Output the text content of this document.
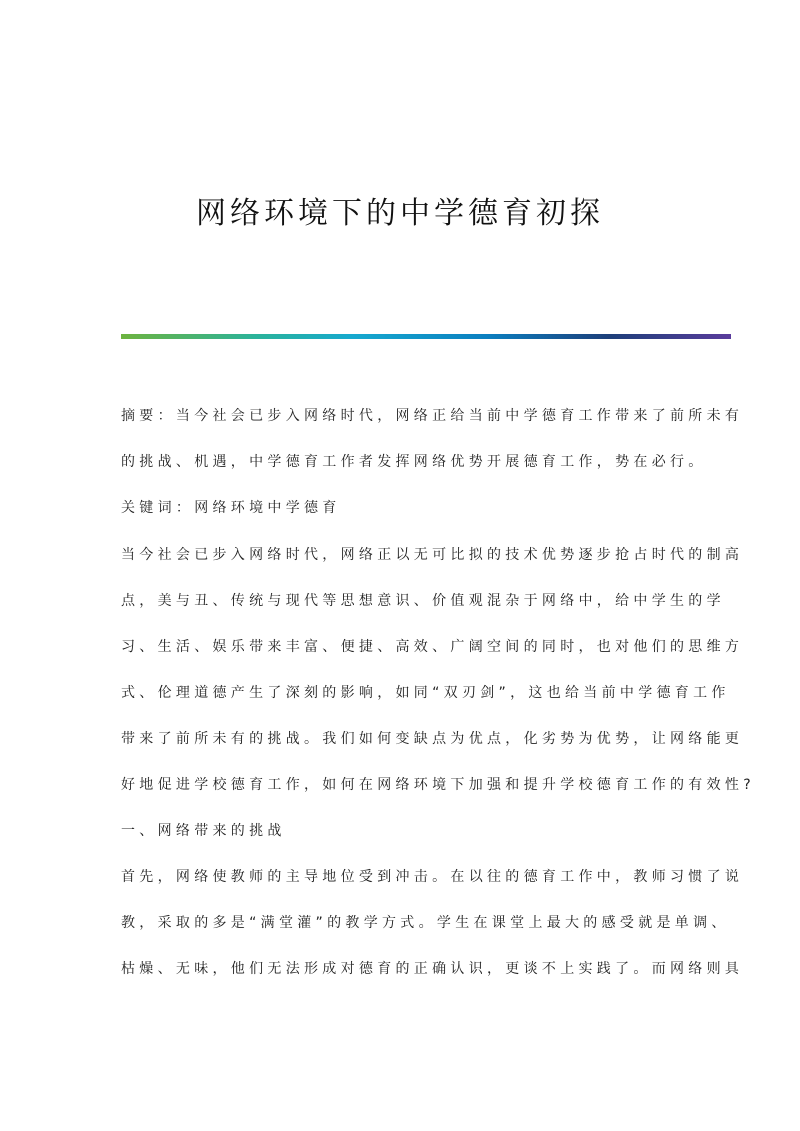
网络环境下的中学德育初探
摘要：当今社会已步入网络时代，网络正给当前中学德育工作带来了前所未有
的挑战、机遇，中学德育工作者发挥网络优势开展德育工作，势在必行。
关键词：网络环境中学德育
当今社会已步入网络时代，网络正以无可比拟的技术优势逐步抢占时代的制高
点，美与丑、传统与现代等思想意识、价值观混杂于网络中，给中学生的学
习、生活、娱乐带来丰富、便捷、高效、广阔空间的同时，也对他们的思维方
式、伦理道德产生了深刻的影响，如同“双刃剑”，这也给当前中学德育工作
带来了前所未有的挑战。我们如何变缺点为优点，化劣势为优势，让网络能更
好地促进学校德育工作，如何在网络环境下加强和提升学校德育工作的有效性?
一、网络带来的挑战
首先，网络使教师的主导地位受到冲击。在以往的德育工作中，教师习惯了说
教，采取的多是“满堂灌”的教学方式。学生在课堂上最大的感受就是单调、
枯燥、无味，他们无法形成对德育的正确认识，更谈不上实践了。而网络则具
